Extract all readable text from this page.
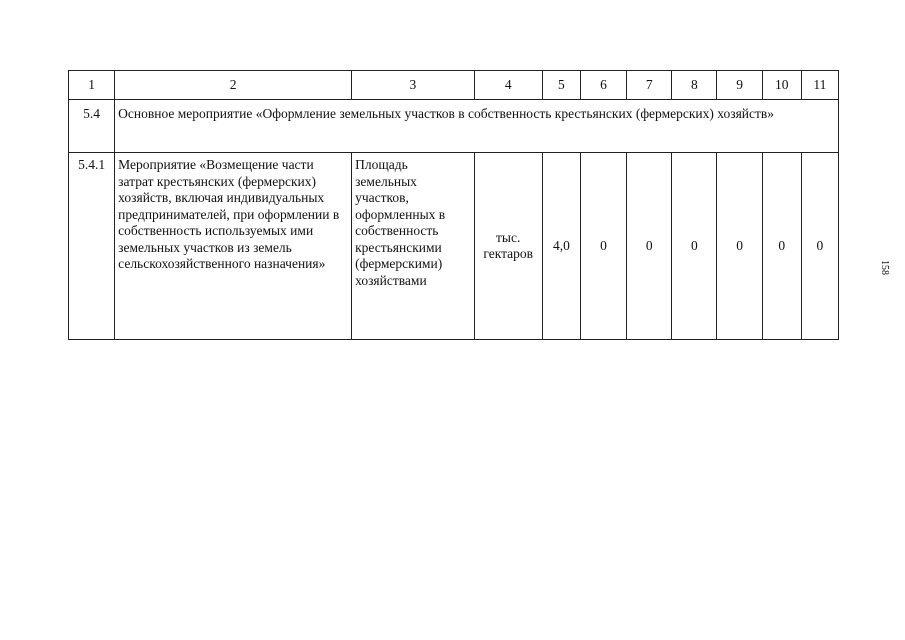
1	2	3	4	5	6	7	8	9	10	11
5.4	Основное мероприятие «Оформление земельных участков в собственность крестьянских (фермерских) хозяйств»									
5.4.1	Мероприятие «Возмещение части затрат крестьянских (фермерских) хозяйств, включая индивидуальных предпринимателей, при оформлении в собственность используемых ими земельных участков из земель сельскохозяйственного назначения»	Площадь земельных участков, оформленных в собственность крестьянскими (фермерскими) хозяйствами	тыс. гектаров	4,0	0	0	0	0	0	0
158
